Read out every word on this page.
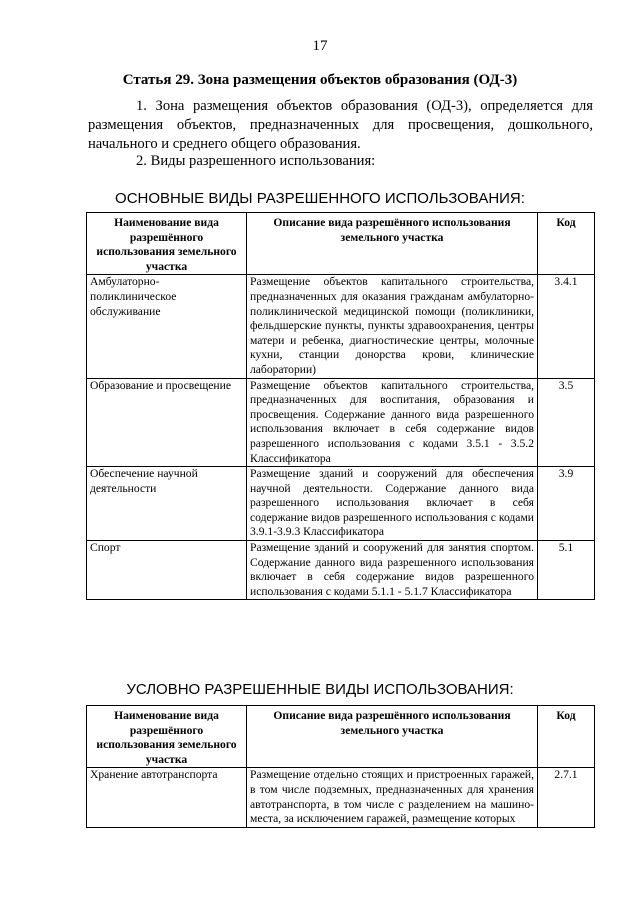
17
Статья 29. Зона размещения объектов образования (ОД-3)
1. Зона размещения объектов образования (ОД-3), определяется для размещения объектов, предназначенных для просвещения, дошкольного, начального и среднего общего образования.
2. Виды разрешенного использования:
ОСНОВНЫЕ ВИДЫ РАЗРЕШЕННОГО ИСПОЛЬЗОВАНИЯ:
Наименование вида разрешённого использования земельного участка	Описание вида разрешённого использования земельного участка	Код
Амбулаторно-поликлиническое обслуживание	Размещение объектов капитального строительства, предназначенных для оказания гражданам амбулаторно-поликлинической медицинской помощи (поликлиники, фельдшерские пункты, пункты здравоохранения, центры матери и ребенка, диагностические центры, молочные кухни, станции донорства крови, клинические лаборатории)	3.4.1
Образование и просвещение	Размещение объектов капитального строительства, предназначенных для воспитания, образования и просвещения. Содержание данного вида разрешенного использования включает в себя содержание видов разрешенного использования с кодами 3.5.1 - 3.5.2 Классификатора	3.5
Обеспечение научной деятельности	Размещение зданий и сооружений для обеспечения научной деятельности. Содержание данного вида разрешенного использования включает в себя содержание видов разрешенного использования с кодами 3.9.1-3.9.3 Классификатора	3.9
Спорт	Размещение зданий и сооружений для занятия спортом. Содержание данного вида разрешенного использования включает в себя содержание видов разрешенного использования с кодами 5.1.1 - 5.1.7 Классификатора	5.1
УСЛОВНО РАЗРЕШЕННЫЕ ВИДЫ ИСПОЛЬЗОВАНИЯ:
Наименование вида разрешённого использования земельного участка	Описание вида разрешённого использования земельного участка	Код
Хранение автотранспорта	Размещение отдельно стоящих и пристроенных гаражей, в том числе подземных, предназначенных для хранения автотранспорта, в том числе с разделением на машино-места, за исключением гаражей, размещение которых	2.7.1
